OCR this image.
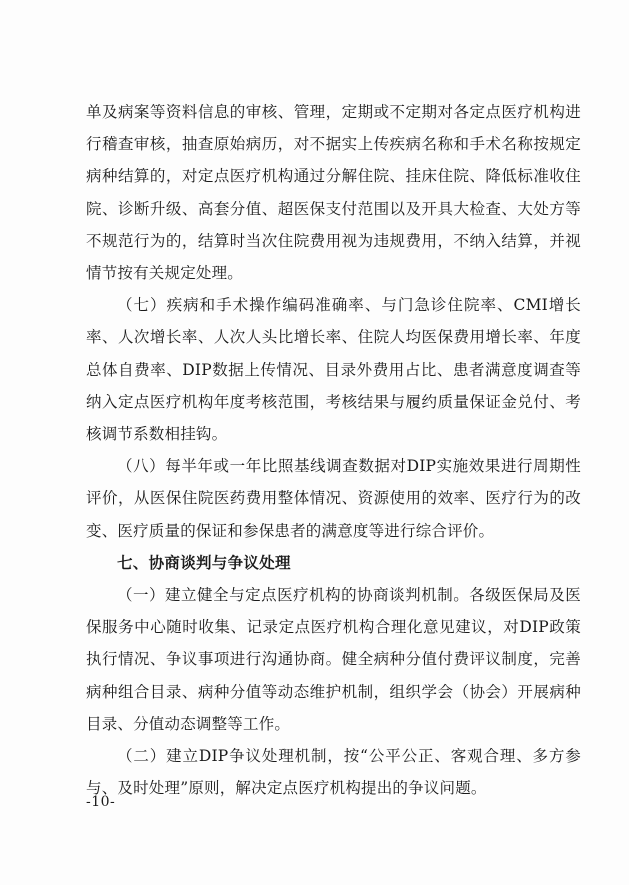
单及病案等资料信息的审核、管理，定期或不定期对各定点医疗机构进行稽查审核，抽查原始病历，对不据实上传疾病名称和手术名称按规定病种结算的，对定点医疗机构通过分解住院、挂床住院、降低标准收住院、诊断升级、高套分值、超医保支付范围以及开具大检查、大处方等不规范行为的，结算时当次住院费用视为违规费用，不纳入结算，并视情节按有关规定处理。

（七）疾病和手术操作编码准确率、与门急诊住院率、CMI增长率、人次增长率、人次人头比增长率、住院人均医保费用增长率、年度总体自费率、DIP数据上传情况、目录外费用占比、患者满意度调查等纳入定点医疗机构年度考核范围，考核结果与履约质量保证金兑付、考核调节系数相挂钩。

（八）每半年或一年比照基线调查数据对DIP实施效果进行周期性评价，从医保住院医药费用整体情况、资源使用的效率、医疗行为的改变、医疗质量的保证和参保患者的满意度等进行综合评价。

七、协商谈判与争议处理

（一）建立健全与定点医疗机构的协商谈判机制。各级医保局及医保服务中心随时收集、记录定点医疗机构合理化意见建议，对DIP政策执行情况、争议事项进行沟通协商。健全病种分值付费评议制度，完善病种组合目录、病种分值等动态维护机制，组织学会（协会）开展病种目录、分值动态调整等工作。

（二）建立DIP争议处理机制，按“公平公正、客观合理、多方参与、及时处理”原则，解决定点医疗机构提出的争议问题。

-10-
